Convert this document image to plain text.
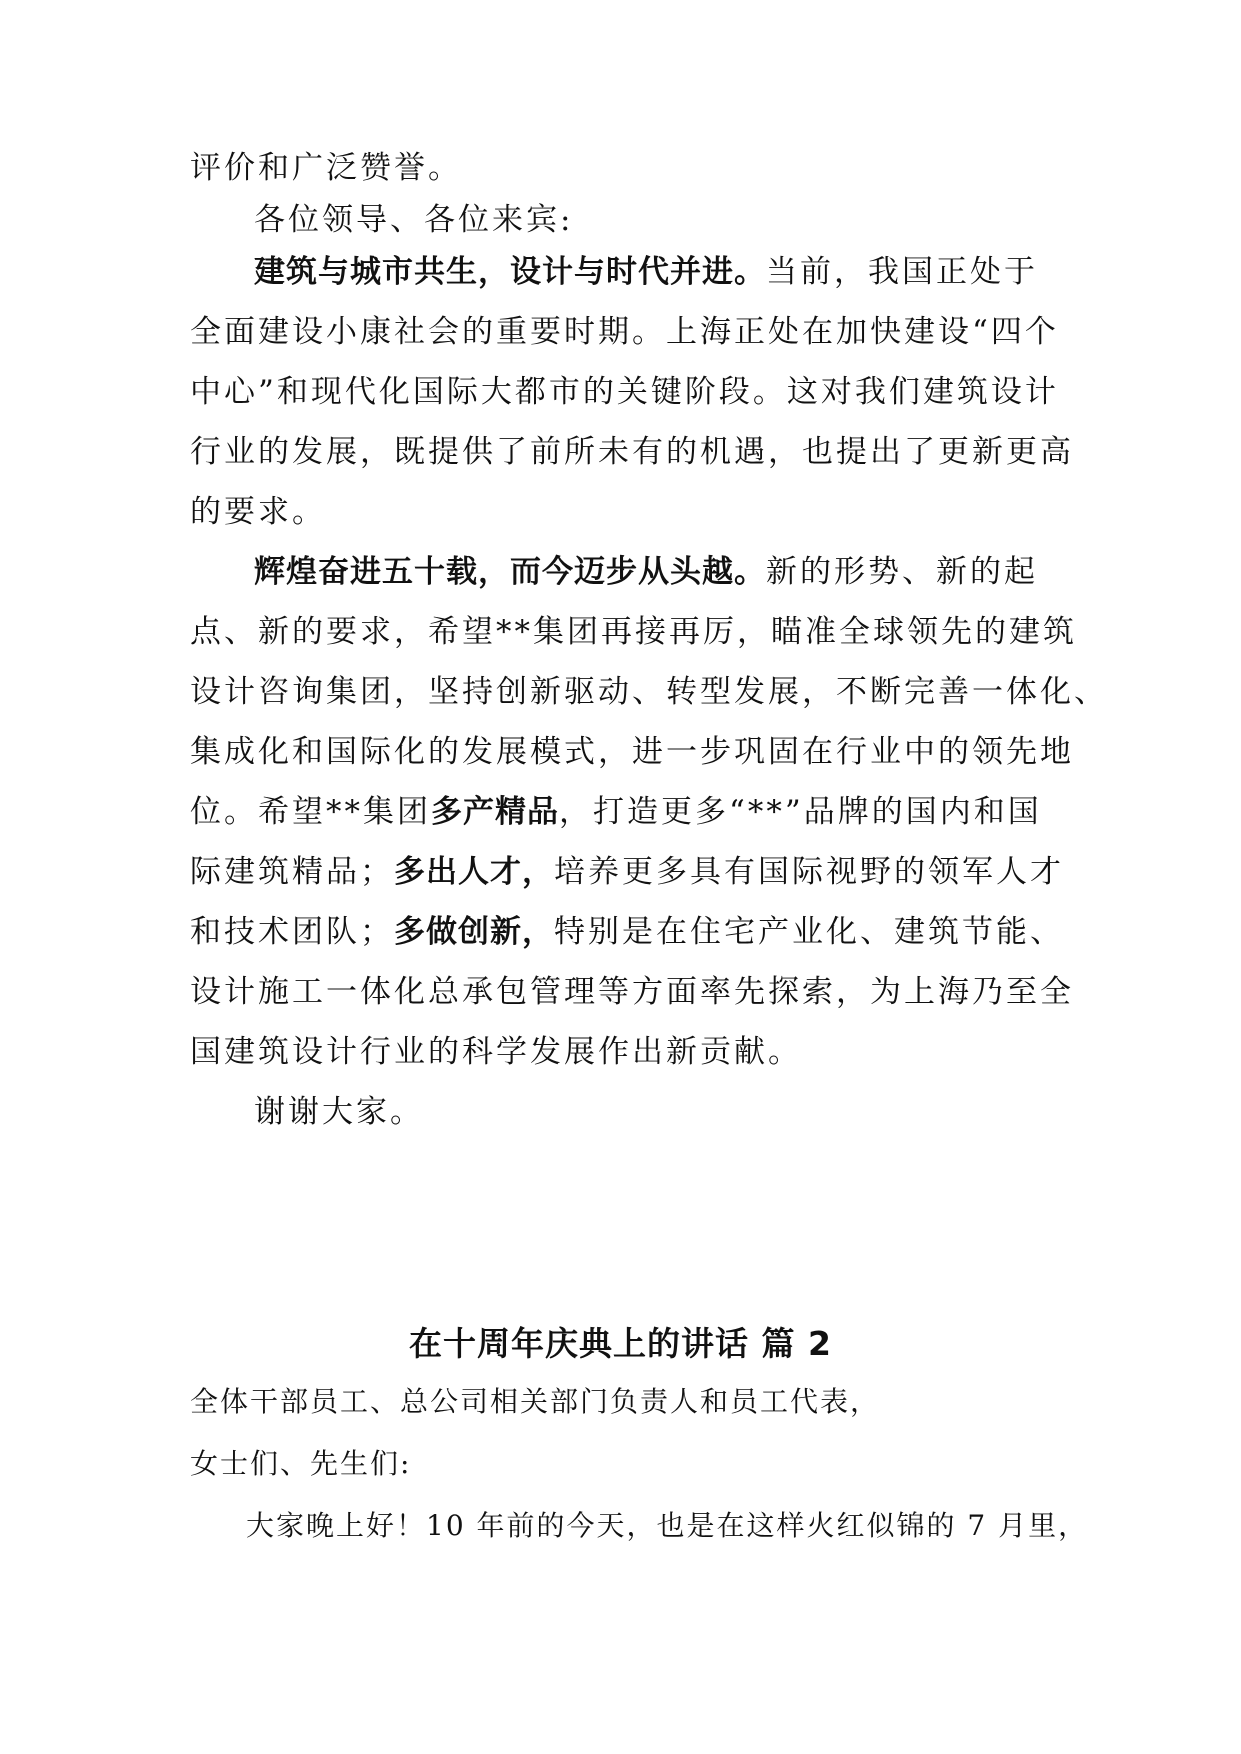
评价和广泛赞誉。
各位领导、各位来宾:
建筑与城市共生，设计与时代并进。当前，我国正处于
全面建设小康社会的重要时期。上海正处在加快建设“四个
中心”和现代化国际大都市的关键阶段。这对我们建筑设计
行业的发展，既提供了前所未有的机遇，也提出了更新更高
的要求。
辉煌奋进五十载，而今迈步从头越。新的形势、新的起
点、新的要求，希望**集团再接再厉，瞄准全球领先的建筑
设计咨询集团，坚持创新驱动、转型发展，不断完善一体化、
集成化和国际化的发展模式，进一步巩固在行业中的领先地
位。希望**集团多产精品，打造更多“**”品牌的国内和国
际建筑精品；多出人才，培养更多具有国际视野的领军人才
和技术团队；多做创新，特别是在住宅产业化、建筑节能、
设计施工一体化总承包管理等方面率先探索，为上海乃至全
国建筑设计行业的科学发展作出新贡献。
谢谢大家。
在十周年庆典上的讲话 篇 2
全体干部员工、总公司相关部门负责人和员工代表，
女士们、先生们:
大家晚上好！10 年前的今天，也是在这样火红似锦的 7 月里，
